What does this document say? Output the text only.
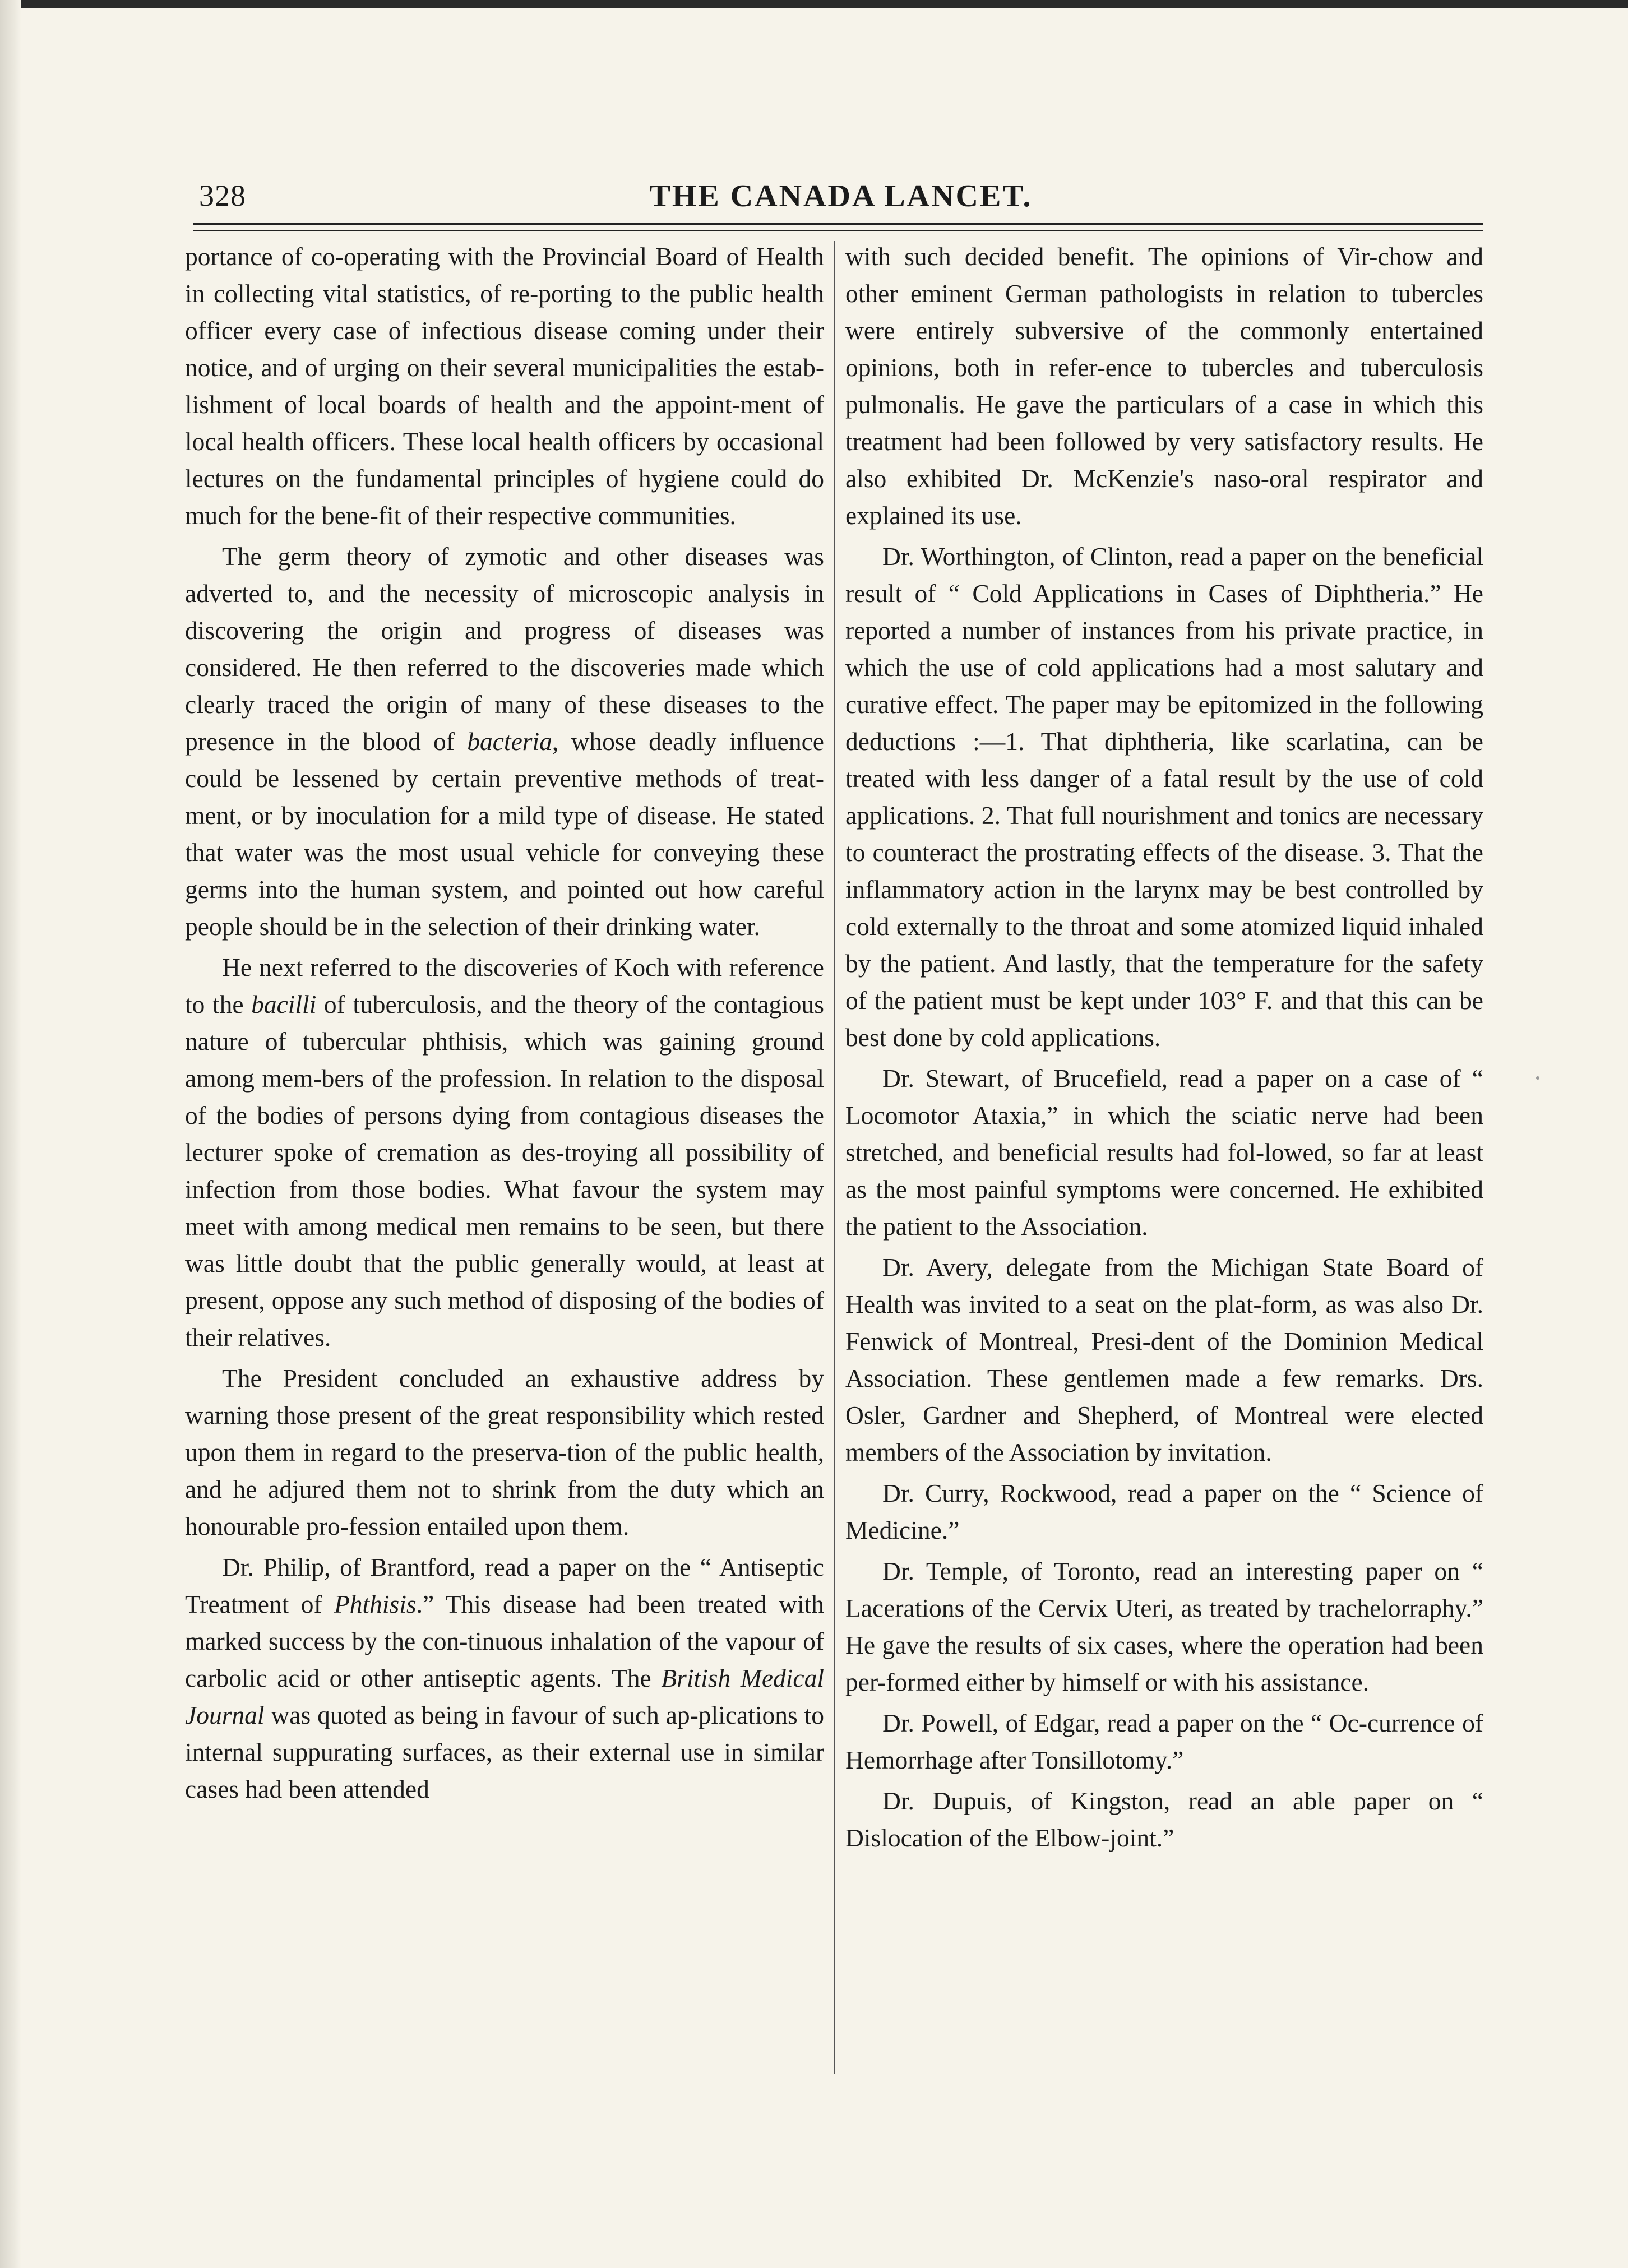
328	THE CANADA LANCET.

portance of co-operating with the Provincial Board of Health in collecting vital statistics, of re-porting to the public health officer every case of infectious disease coming under their notice, and of urging on their several municipalities the estab-lishment of local boards of health and the appoint-ment of local health officers. These local health officers by occasional lectures on the fundamental principles of hygiene could do much for the bene-fit of their respective communities.

The germ theory of zymotic and other diseases was adverted to, and the necessity of microscopic analysis in discovering the origin and progress of diseases was considered. He then referred to the discoveries made which clearly traced the origin of many of these diseases to the presence in the blood of bacteria, whose deadly influence could be lessened by certain preventive methods of treat-ment, or by inoculation for a mild type of disease. He stated that water was the most usual vehicle for conveying these germs into the human system, and pointed out how careful people should be in the selection of their drinking water.

He next referred to the discoveries of Koch with reference to the bacilli of tuberculosis, and the theory of the contagious nature of tubercular phthisis, which was gaining ground among mem-bers of the profession. In relation to the disposal of the bodies of persons dying from contagious diseases the lecturer spoke of cremation as des-troying all possibility of infection from those bodies. What favour the system may meet with among medical men remains to be seen, but there was little doubt that the public generally would, at least at present, oppose any such method of disposing of the bodies of their relatives.

The President concluded an exhaustive address by warning those present of the great responsibility which rested upon them in regard to the preserva-tion of the public health, and he adjured them not to shrink from the duty which an honourable pro-fession entailed upon them.

Dr. Philip, of Brantford, read a paper on the “ Antiseptic Treatment of Phthisis.” This disease had been treated with marked success by the con-tinuous inhalation of the vapour of carbolic acid or other antiseptic agents. The British Medical Journal was quoted as being in favour of such ap-plications to internal suppurating surfaces, as their external use in similar cases had been attended

with such decided benefit. The opinions of Vir-chow and other eminent German pathologists in relation to tubercles were entirely subversive of the commonly entertained opinions, both in refer-ence to tubercles and tuberculosis pulmonalis. He gave the particulars of a case in which this treatment had been followed by very satisfactory results. He also exhibited Dr. McKenzie's naso-oral respirator and explained its use.

Dr. Worthington, of Clinton, read a paper on the beneficial result of “ Cold Applications in Cases of Diphtheria.” He reported a number of instances from his private practice, in which the use of cold applications had a most salutary and curative effect. The paper may be epitomized in the following deductions :—1. That diphtheria, like scarlatina, can be treated with less danger of a fatal result by the use of cold applications. 2. That full nourishment and tonics are necessary to counteract the prostrating effects of the disease. 3. That the inflammatory action in the larynx may be best controlled by cold externally to the throat and some atomized liquid inhaled by the patient. And lastly, that the temperature for the safety of the patient must be kept under 103° F. and that this can be best done by cold applications.

Dr. Stewart, of Brucefield, read a paper on a case of “ Locomotor Ataxia,” in which the sciatic nerve had been stretched, and beneficial results had fol-lowed, so far at least as the most painful symptoms were concerned. He exhibited the patient to the Association.

Dr. Avery, delegate from the Michigan State Board of Health was invited to a seat on the plat-form, as was also Dr. Fenwick of Montreal, Presi-dent of the Dominion Medical Association. These gentlemen made a few remarks. Drs. Osler, Gardner and Shepherd, of Montreal were elected members of the Association by invitation.

Dr. Curry, Rockwood, read a paper on the “ Science of Medicine.”

Dr. Temple, of Toronto, read an interesting paper on “ Lacerations of the Cervix Uteri, as treated by trachelorraphy.” He gave the results of six cases, where the operation had been per-formed either by himself or with his assistance.

Dr. Powell, of Edgar, read a paper on the “ Oc-currence of Hemorrhage after Tonsillotomy.”

Dr. Dupuis, of Kingston, read an able paper on “ Dislocation of the Elbow-joint.”
